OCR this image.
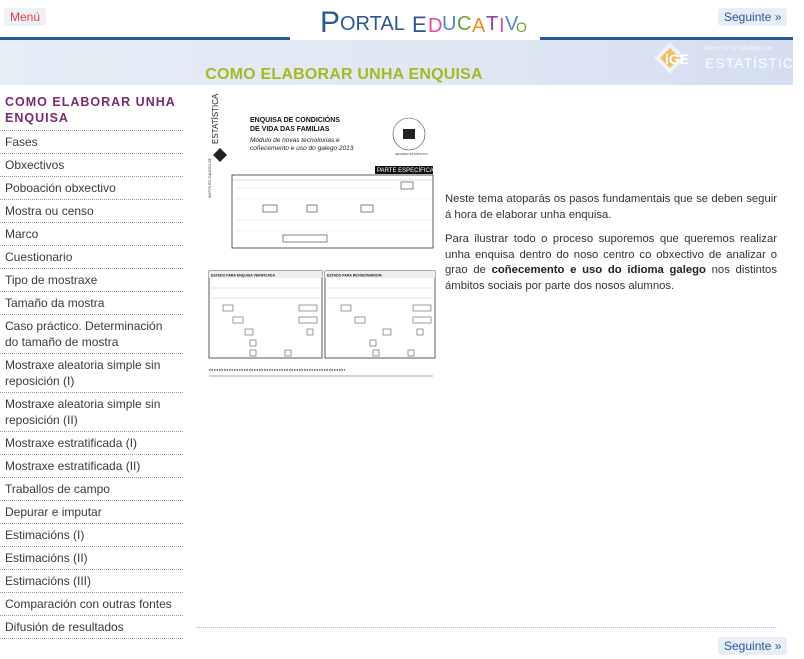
Menú	P ORTAL E D U C A T I V
O
Seguinte »
COMO ELABORAR UNHA ENQUISA
iGE
INSTITUTO GALEGO DE
ESTATÍSTICA
COMO ELABORAR UNHA ENQUISA
Fases
Obxectivos
Poboación obxectivo
Mostra ou censo
Marco
Cuestionario
Tipo de mostraxe
Tamaño da mostra
Caso práctico. Determinación do tamaño de mostra
Mostraxe aleatoria simple sin reposición (I)
Mostraxe aleatoria simple sin reposición (II)
Mostraxe estratificada (I)
Mostraxe estratificada (II)
Traballos de campo
Depurar e imputar
Estimacións (I)
Estimacións (II)
Estimacións (III)
Comparación con outras fontes
Difusión de resultados
ESTATÍSTICA
INSTITUTO GALEGO DE
ENQUISA DE CONDICIÓNS
DE VIDA DAS FAMILIAS
Módulo de novas tecnoloxías e
coñecemento e uso do galego 2013
SEGREDO ESTATÍSTICO
PARTE ESPECÍFICA
ESTADO PARA ENQUISA VERIFICADA	ESTADO PARA REVISIÓN/MODIF.

Neste tema atoparás os pasos fundamentais que se deben seguir á hora de elaborar unha enquisa.

Para ilustrar todo o proceso suporemos que queremos realizar unha enquisa dentro do noso centro co obxectivo de analizar o grao de coñecemento e uso do idioma galego nos distintos ámbitos sociais por parte dos nosos alumnos.

Seguinte »
